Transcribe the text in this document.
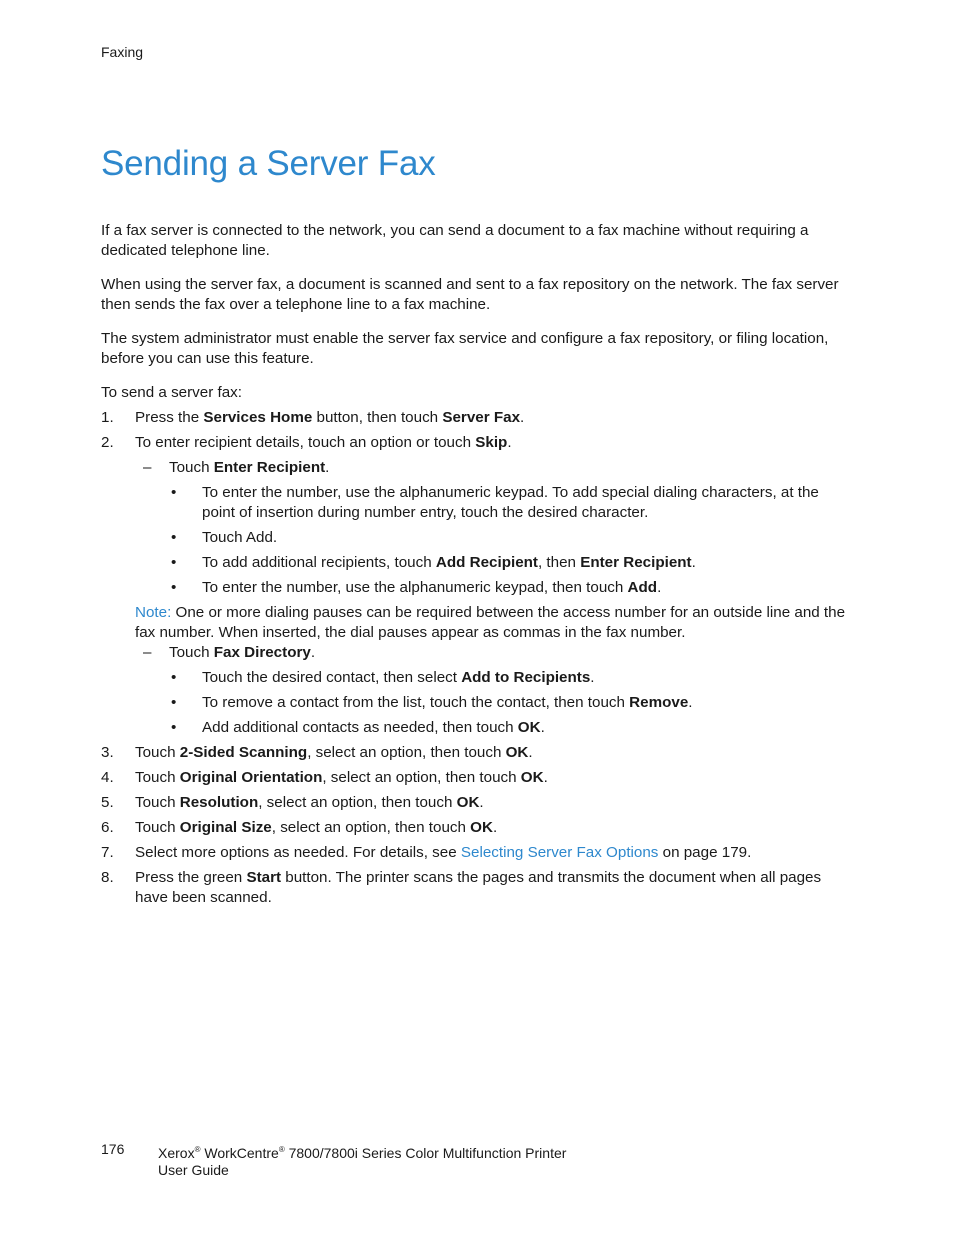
Faxing
Sending a Server Fax

If a fax server is connected to the network, you can send a document to a fax machine without requiring a dedicated telephone line.

When using the server fax, a document is scanned and sent to a fax repository on the network. The fax server then sends the fax over a telephone line to a fax machine.

The system administrator must enable the server fax service and configure a fax repository, or filing location, before you can use this feature.

To send a server fax:

1. Press the Services Home button, then touch Server Fax.
2. To enter recipient details, touch an option or touch Skip.
– Touch Enter Recipient.
• To enter the number, use the alphanumeric keypad. To add special dialing characters, at the point of insertion during number entry, touch the desired character.
• Touch Add.
• To add additional recipients, touch Add Recipient, then Enter Recipient.
• To enter the number, use the alphanumeric keypad, then touch Add.

Note: One or more dialing pauses can be required between the access number for an outside line and the fax number. When inserted, the dial pauses appear as commas in the fax number.

– Touch Fax Directory.
• Touch the desired contact, then select Add to Recipients.
• To remove a contact from the list, touch the contact, then touch Remove.
• Add additional contacts as needed, then touch OK.
3. Touch 2-Sided Scanning, select an option, then touch OK.
4. Touch Original Orientation, select an option, then touch OK.
5. Touch Resolution, select an option, then touch OK.
6. Touch Original Size, select an option, then touch OK.
7. Select more options as needed. For details, see Selecting Server Fax Options on page 179.
8. Press the green Start button. The printer scans the pages and transmits the document when all pages have been scanned.
176	Xerox® WorkCentre® 7800/7800i Series Color Multifunction Printer
User Guide
